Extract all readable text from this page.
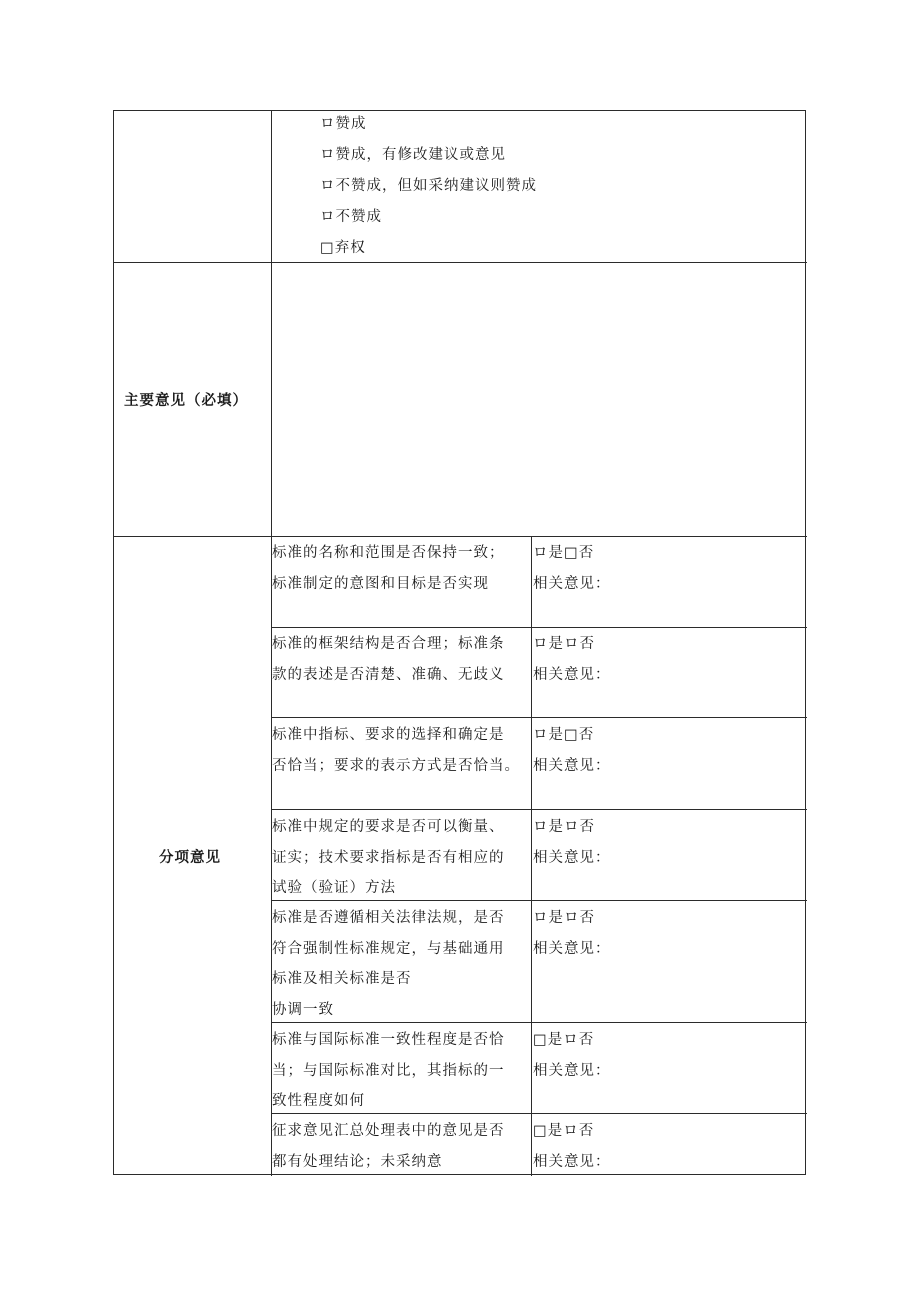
ロ赞成
ロ赞成，有修改建议或意见
ロ不赞成，但如采纳建议则赞成
ロ不赞成
□弃权
主要意见（必填）
分项意见
标准的名称和范围是否保持一致；
标准制定的意图和目标是否实现
ロ是□否
相关意见：
标准的框架结构是否合理；标准条
款的表述是否清楚、准确、无歧义
ロ是ロ否
相关意见：
标准中指标、要求的选择和确定是
否恰当；要求的表示方式是否恰当。
ロ是□否
相关意见：
标准中规定的要求是否可以衡量、
证实；技术要求指标是否有相应的
试验（验证）方法
ロ是ロ否
相关意见：
标准是否遵循相关法律法规，是否
符合强制性标准规定，与基础通用
标准及相关标准是否
协调一致
ロ是ロ否
相关意见：
标准与国际标准一致性程度是否恰
当；与国际标准对比，其指标的一
致性程度如何
□是ロ否
相关意见：
征求意见汇总处理表中的意见是否
都有处理结论；未采纳意
□是ロ否
相关意见：
